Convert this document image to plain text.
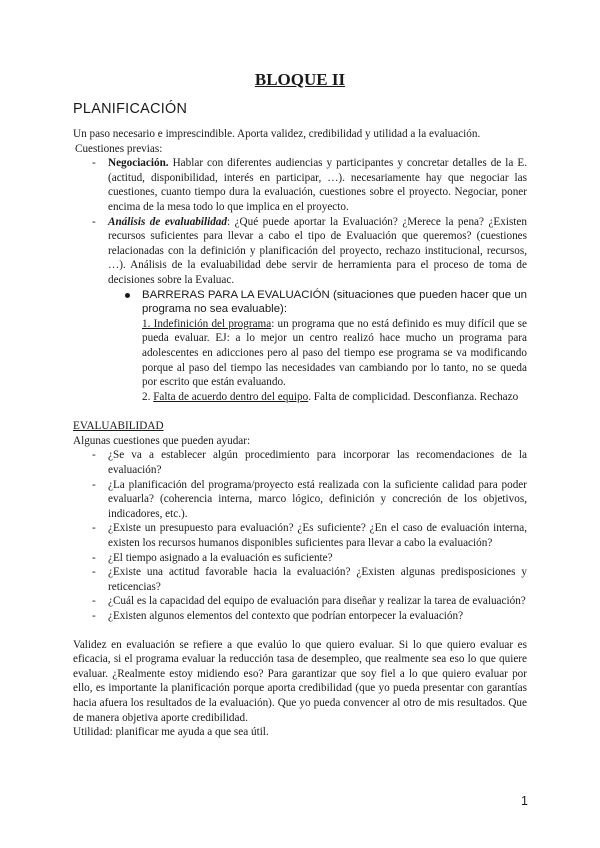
BLOQUE II
PLANIFICACIÓN

Un paso necesario e imprescindible. Aporta validez, credibilidad y utilidad a la evaluación.

Cuestiones previas:

- Negociación. Hablar con diferentes audiencias y participantes y concretar detalles de la E. (actitud, disponibilidad, interés en participar, …). necesariamente hay que negociar las cuestiones, cuanto tiempo dura la evaluación, cuestiones sobre el proyecto. Negociar, poner encima de la mesa todo lo que implica en el proyecto.
- Análisis de evaluabilidad: ¿Qué puede aportar la Evaluación? ¿Merece la pena? ¿Existen recursos suficientes para llevar a cabo el tipo de Evaluación que queremos? (cuestiones relacionadas con la definición y planificación del proyecto, rechazo institucional, recursos, …). Análisis de la evaluabilidad debe servir de herramienta para el proceso de toma de decisiones sobre la Evaluac.
BARRERAS PARA LA EVALUACIÓN (situaciones que pueden hacer que un programa no sea evaluable):
1. Indefinición del programa: un programa que no está definido es muy difícil que se pueda evaluar. EJ: a lo mejor un centro realizó hace mucho un programa para adolescentes en adicciones pero al paso del tiempo ese programa se va modificando porque al paso del tiempo las necesidades van cambiando por lo tanto, no se queda por escrito que están evaluando.
2. Falta de acuerdo dentro del equipo. Falta de complicidad. Desconfianza. Rechazo

EVALUABILIDAD

Algunas cuestiones que pueden ayudar:

- ¿Se va a establecer algún procedimiento para incorporar las recomendaciones de la evaluación?
- ¿La planificación del programa/proyecto está realizada con la suficiente calidad para poder evaluarla? (coherencia interna, marco lógico, definición y concreción de los objetivos, indicadores, etc.).
- ¿Existe un presupuesto para evaluación? ¿Es suficiente? ¿En el caso de evaluación interna, existen los recursos humanos disponibles suficientes para llevar a cabo la evaluación?
- ¿El tiempo asignado a la evaluación es suficiente?
- ¿Existe una actitud favorable hacia la evaluación? ¿Existen algunas predisposiciones y reticencias?
- ¿Cuál es la capacidad del equipo de evaluación para diseñar y realizar la tarea de evaluación?
- ¿Existen algunos elementos del contexto que podrían entorpecer la evaluación?

Validez en evaluación se refiere a que evalúo lo que quiero evaluar. Si lo que quiero evaluar es eficacia, si el programa evaluar la reducción tasa de desempleo, que realmente sea eso lo que quiere evaluar. ¿Realmente estoy midiendo eso? Para garantizar que soy fiel a lo que quiero evaluar por ello, es importante la planificación porque aporta credibilidad (que yo pueda presentar con garantías hacia afuera los resultados de la evaluación). Que yo pueda convencer al otro de mis resultados. Que de manera objetiva aporte credibilidad.

Utilidad: planificar me ayuda a que sea útil.

1
